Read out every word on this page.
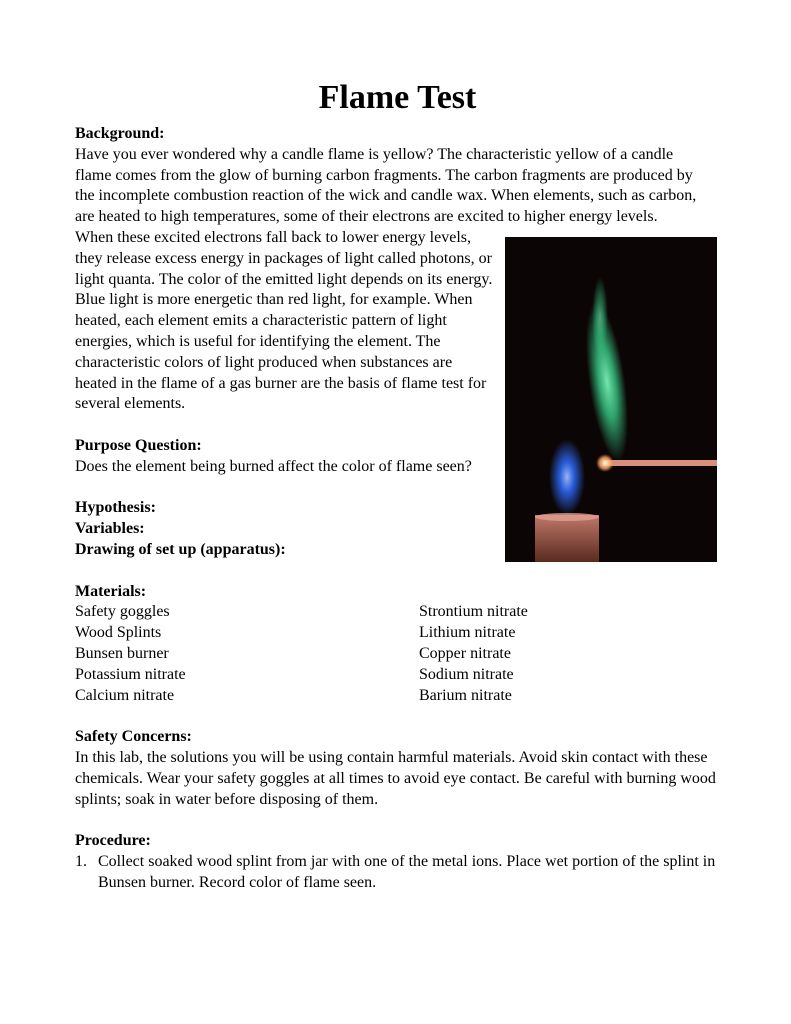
Flame Test
Background:
Have you ever wondered why a candle flame is yellow? The characteristic yellow of a candle flame comes from the glow of burning carbon fragments. The carbon fragments are produced by the incomplete combustion reaction of the wick and candle wax. When elements, such as carbon, are heated to high temperatures, some of their electrons are excited to higher energy levels.
When these excited electrons fall back to lower energy levels, they release excess energy in packages of light called photons, or light quanta. The color of the emitted light depends on its energy. Blue light is more energetic than red light, for example. When heated, each element emits a characteristic pattern of light energies, which is useful for identifying the element. The characteristic colors of light produced when substances are heated in the flame of a gas burner are the basis of flame test for several elements.
Purpose Question:
Does the element being burned affect the color of flame seen?
Hypothesis:
Variables:
Drawing of set up (apparatus):
Materials:
Safety goggles
Wood Splints
Bunsen burner
Potassium nitrate
Calcium nitrate
Strontium nitrate
Lithium nitrate
Copper nitrate
Sodium nitrate
Barium nitrate
Safety Concerns:
In this lab, the solutions you will be using contain harmful materials. Avoid skin contact with these chemicals. Wear your safety goggles at all times to avoid eye contact. Be careful with burning wood splints; soak in water before disposing of them.
Procedure:
1. Collect soaked wood splint from jar with one of the metal ions. Place wet portion of the splint in Bunsen burner. Record color of flame seen.
